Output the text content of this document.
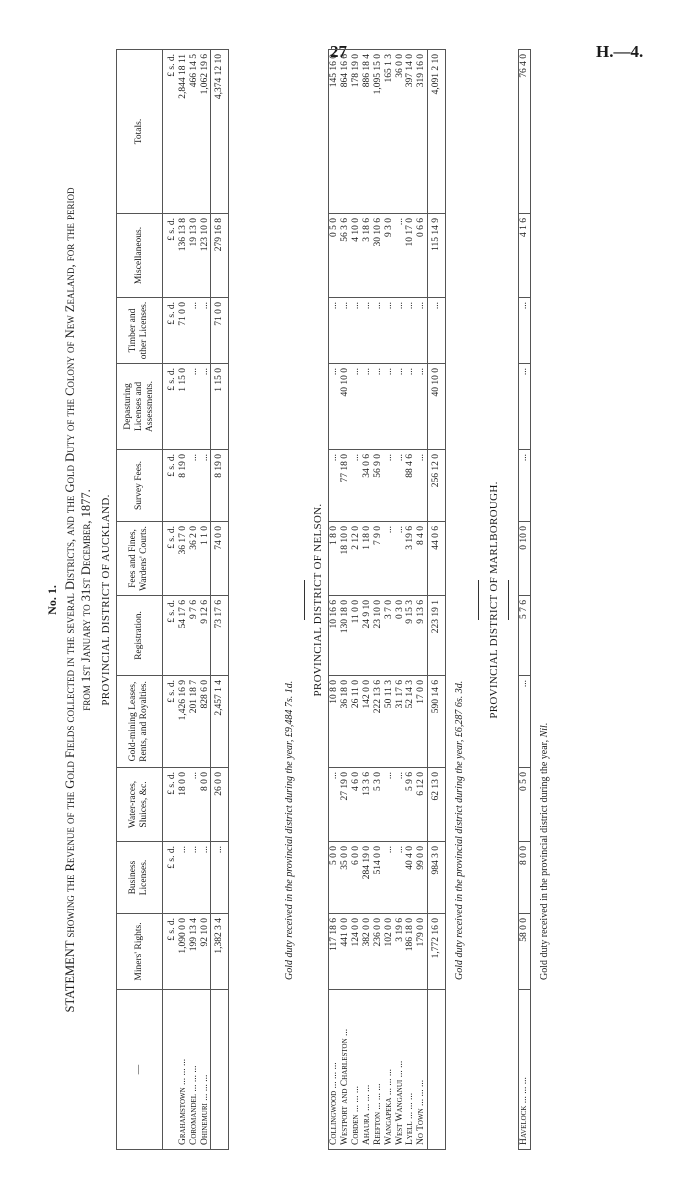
27	H.—4.
No. 1. STATEMENT showing the Revenue of the Gold Fields collected in the several Districts, and the Gold Duty of the Colony of New Zealand, for the period from 1st January to 31st December, 1877. PROVINCIAL DISTRICT OF AUCKLAND.
—	Miners' Rights.	Business Licenses.	Water-races, Sluices, &c.	Gold-mining Leases, Rents, and Royalties.	Registration.	Fees and Fines, Wardens' Courts.	Survey Fees.	Depasturing Licenses and Assessments.	Timber and other Licenses.	Miscellaneous.	Totals.
	£ s. d.	£ s. d.	£ s. d.	£ s. d.	£ s. d.	£ s. d.	£ s. d.	£ s. d.	£ s. d.	£ s. d.	£ s. d.
Grahamstown ... ... ...	1,090 0 0	...	18 0 0	1,426 16 9	54 17 6	36 17 0	8 19 0	1 15 0	71 0 0	136 13 8	2,844 18 11
Coromandel ... ... ...	199 13 4	...	...	201 18 7	9 7 6	36 2 0	...	...	...	19 13 0	466 14 5
Ohinemuri ... ... ...	92 10 0	...	8 0 0	828 6 0	9 12 6	1 1 0	...	...	...	123 10 0	1,062 19 6
	1,382 3 4	...	26 0 0	2,457 1 4	73 17 6	74 0 0	8 19 0	1 15 0	71 0 0	279 16 8	4,374 12 10
Gold duty received in the provincial district during the year, £9,484 7s. 1d.
PROVINCIAL DISTRICT OF NELSON.
Collingwood ... ... ...	117 18 6	5 0 0	...	10 8 0	10 16 6	1 8 0	...	...	...	0 5 0	145 16 0
Westport and Charleston ...	441 0 0	35 0 0	27 19 0	36 18 0	130 18 0	18 10 0	77 18 0	40 10 0	...	56 3 6	864 16 6
Cobden ... ... ...	124 0 0	6 0 0	4 6 0	26 11 0	11 0 0	2 12 0	...	...	...	4 10 0	178 19 0
Ahaura ... ... ...	382 0 0	284 19 0	13 3 6	142 0 0	24 9 10	1 18 0	34 0 6	...	...	3 18 6	886 18 4
Reefton ... ... ...	236 0 0	514 0 0	5 3 0	222 13 6	23 10 0	7 9 0	56 9 0	...	...	30 10 6	1,095 15 0
Wangapeka ... ... ...	102 0 0	...	...	50 11 3	3 7 0	...	...	...	...	9 3 0	165 1 3
West Wanganui ... ...	3 19 6	...	...	31 17 6	0 3 0	...	...	...	...	...	36 0 0
Lyell ... ... ...	186 18 0	40 4 0	5 9 6	52 14 3	9 15 3	3 19 6	88 4 6	...	...	10 17 0	397 14 0
No Town ... ... ...	179 0 0	99 0 0	6 12 0	17 0 0	9 13 6	8 4 0	...	...	...	0 6 6	319 16 0
	1,772 16 0	984 3 0	62 13 0	590 14 6	223 19 1	44 0 6	256 12 0	40 10 0	...	115 14 9	4,091 2 10
Gold duty received in the provincial district during the year, £6,287 6s. 3d.
PROVINCIAL DISTRICT OF MARLBOROUGH.
Havelock ... ... ...	58 0 0	8 0 0	0 5 0	...	5 7 6	0 10 0	...	...	...	4 1 6	76 4 0
Gold duty received in the provincial district during the year, Nil.
